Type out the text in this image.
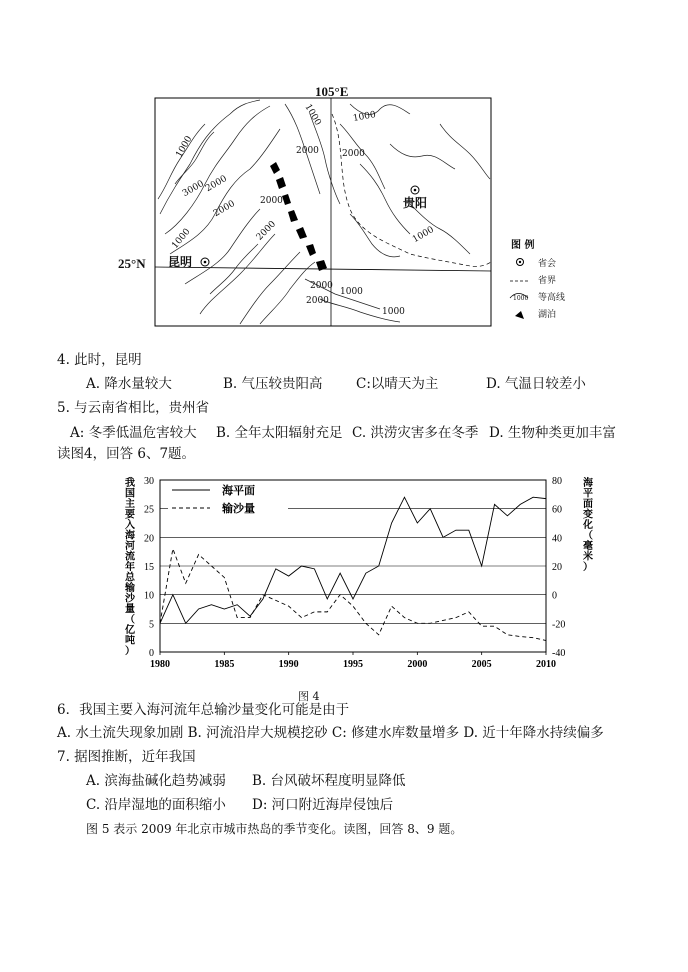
105°E
25°N 昆明
贵阳
1000
2000
3000
2000
1000	2000
2000
2000
1000	1000
2000
1000
1000
2000
2000
1000
图 例
省会
省界
等高线
湖泊
1000
4. 此时，昆明
A. 降水量较大	B. 气压较贵阳高 C:以晴天为主	D. 气温日较差小
5. 与云南省相比，贵州省
A: 冬季低温危害较大 B. 全年太阳辐射充足 C. 洪涝灾害多在冬季 D. 生物种类更加丰富
读图4，回答 6、7题。
0
5
10
15
20
25
30
-40
-20
0
20
40
60
80
1980	1985	1990	1995	2000	2005	2010
海平面
输沙量
我
国
主
要
入
海
河
流
年
总
输
沙
量
（
亿
吨
）
海
平
面
变
化
（
毫
米
）
图 4
6．我国主要入海河流年总输沙量变化可能是由于
A. 水土流失现象加剧 B. 河流沿岸大规模挖砂 C: 修建水库数量增多 D. 近十年降水持续偏多
7. 据图推断，近年我国
A. 滨海盐碱化趋势减弱 B. 台风破坏程度明显降低
C. 沿岸湿地的面积缩小 D: 河口附近海岸侵蚀后
图 5 表示 2009 年北京市城市热岛的季节变化。读图，回答 8、9 题。
